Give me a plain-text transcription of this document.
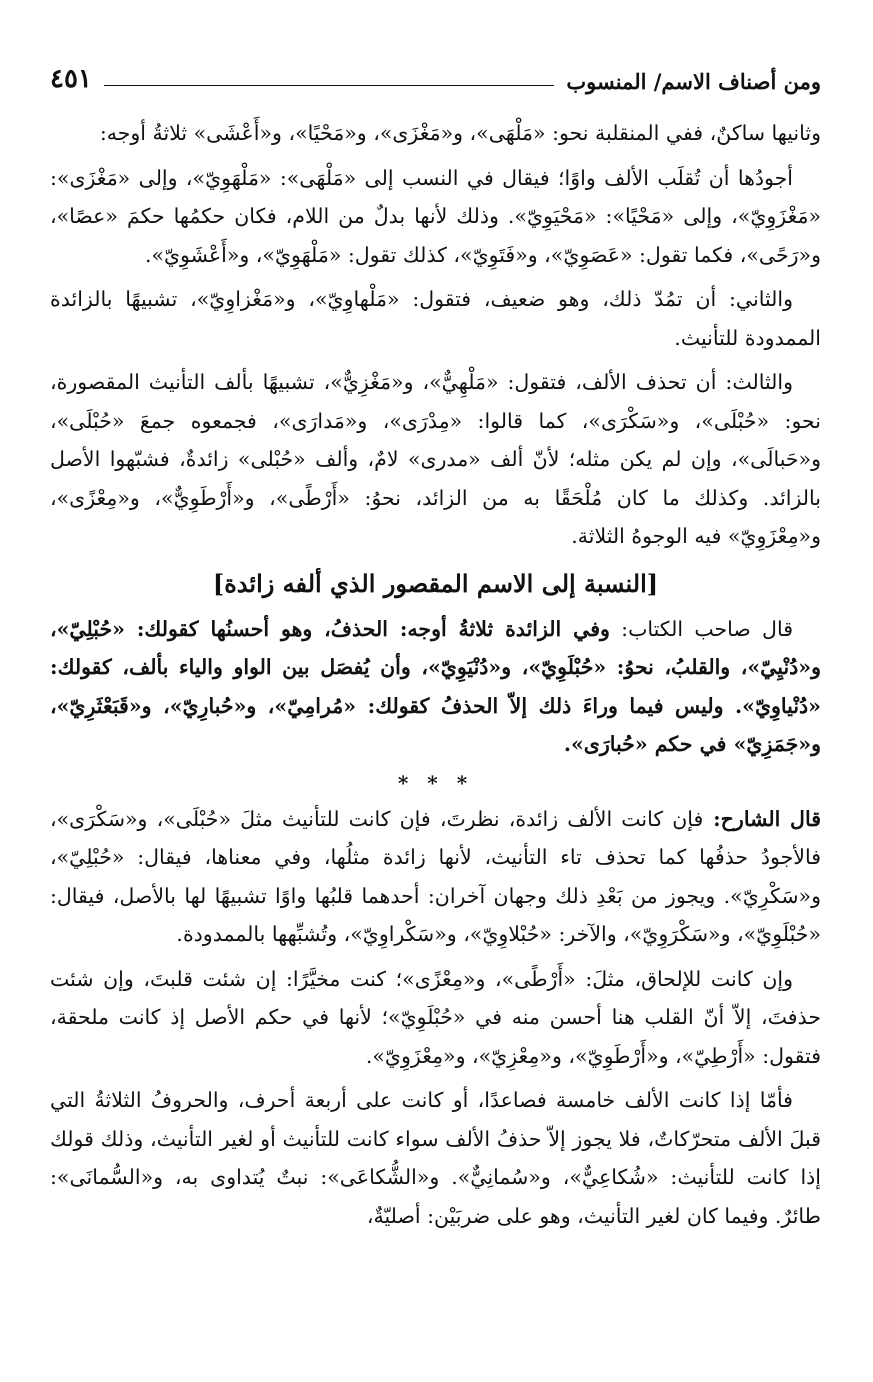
ومن أصناف الاسم/ المنسوب
٤٥١

وثانيها ساكنٌ، ففي المنقلبة نحو: «مَلْهَى»، و«مَغْزَى»، و«مَحْيًا»، و«أَعْشَى» ثلاثةُ أوجه:

أجودُها أن تُقلَب الألف واوًا؛ فيقال في النسب إلى «مَلْهَى»: «مَلْهَوِيّ»، وإلى «مَغْزَى»: «مَغْزَوِيّ»، وإلى «مَحْيًا»: «مَحْيَوِيّ». وذلك لأنها بدلٌ من اللام، فكان حكمُها حكمَ «عصًا»، و«رَحًى»، فكما تقول: «عَصَوِيّ»، و«فَتَوِيّ»، كذلك تقول: «مَلْهَوِيّ»، و«أَعْشَوِيّ».

والثاني: أن تمُدّ ذلك، وهو ضعيف، فتقول: «مَلْهاوِيّ»، و«مَغْزاوِيّ»، تشبيهًا بالزائدة الممدودة للتأنيث.

والثالث: أن تحذف الألف، فتقول: «مَلْهِيٌّ»، و«مَغْزِيٌّ»، تشبيهًا بألف التأنيث المقصورة، نحو: «حُبْلَى»، و«سَكْرَى»، كما قالوا: «مِدْرَى»، و«مَدارَى»، فجمعوه جمعَ «حُبْلَى»، و«حَبالَى»، وإن لم يكن مثله؛ لأنّ ألف «مدرى» لامٌ، وألف «حُبْلى» زائدةٌ، فشبّهوا الأصل بالزائد. وكذلك ما كان مُلْحَقًا به من الزائد، نحوُ: «أَرْطًى»، و«أَرْطَوِيٌّ»، و«مِعْزًى»، و«مِعْزَوِيّ» فيه الوجوهُ الثلاثة.

[النسبة إلى الاسم المقصور الذي ألفه زائدة]

قال صاحب الكتاب: وفي الزائدة ثلاثةُ أوجه: الحذفُ، وهو أحسنُها كقولك: «حُبْلِيّ»، و«دُنْيِيّ»، والقلبُ، نحوُ: «حُبْلَوِيّ»، و«دُنْيَوِيّ»، وأن يُفصَل بين الواو والياء بألف، كقولك: «دُنْياوِيّ». وليس فيما وراءَ ذلك إلاّ الحذفُ كقولك: «مُرامِيّ»، و«حُبارِيّ»، و«قَبَعْثَرِيّ»، و«جَمَزِيّ» في حكم «حُبارَى».

* * *

قال الشارح: فإن كانت الألف زائدة، نظرتَ، فإن كانت للتأنيث مثلَ «حُبْلَى»، و«سَكْرَى»، فالأجودُ حذفُها كما تحذف تاء التأنيث، لأنها زائدة مثلُها، وفي معناها، فيقال: «حُبْلِيّ»، و«سَكْرِيّ». ويجوز من بَعْدِ ذلك وجهان آخران: أحدهما قلبُها واوًا تشبيهًا لها بالأصل، فيقال: «حُبْلَوِيّ»، و«سَكْرَوِيّ»، والآخر: «حُبْلاوِيّ»، و«سَكْراوِيّ»، وتُشبِّهها بالممدودة.

وإن كانت للإلحاق، مثلَ: «أَرْطًى»، و«مِعْزًى»؛ كنت مخيَّرًا: إن شئت قلبتَ، وإن شئت حذفتَ، إلاّ أنّ القلب هنا أحسن منه في «حُبْلَوِيّ»؛ لأنها في حكم الأصل إذ كانت ملحقة، فتقول: «أَرْطِيّ»، و«أَرْطَوِيّ»، و«مِعْزِيّ»، و«مِعْزَوِيّ».

فأمّا إذا كانت الألف خامسة فصاعدًا، أو كانت على أربعة أحرف، والحروفُ الثلاثةُ التي قبلَ الألف متحرّكاتٌ، فلا يجوز إلاّ حذفُ الألف سواء كانت للتأنيث أو لغير التأنيث، وذلك قولك إذا كانت للتأنيث: «شُكاعِيٌّ»، و«سُمانِيٌّ». و«الشُّكاعَى»: نبتٌ يُتداوى به، و«السُّمانَى»: طائرٌ. وفيما كان لغير التأنيث، وهو على ضربَيْن: أصليّةٌ،
